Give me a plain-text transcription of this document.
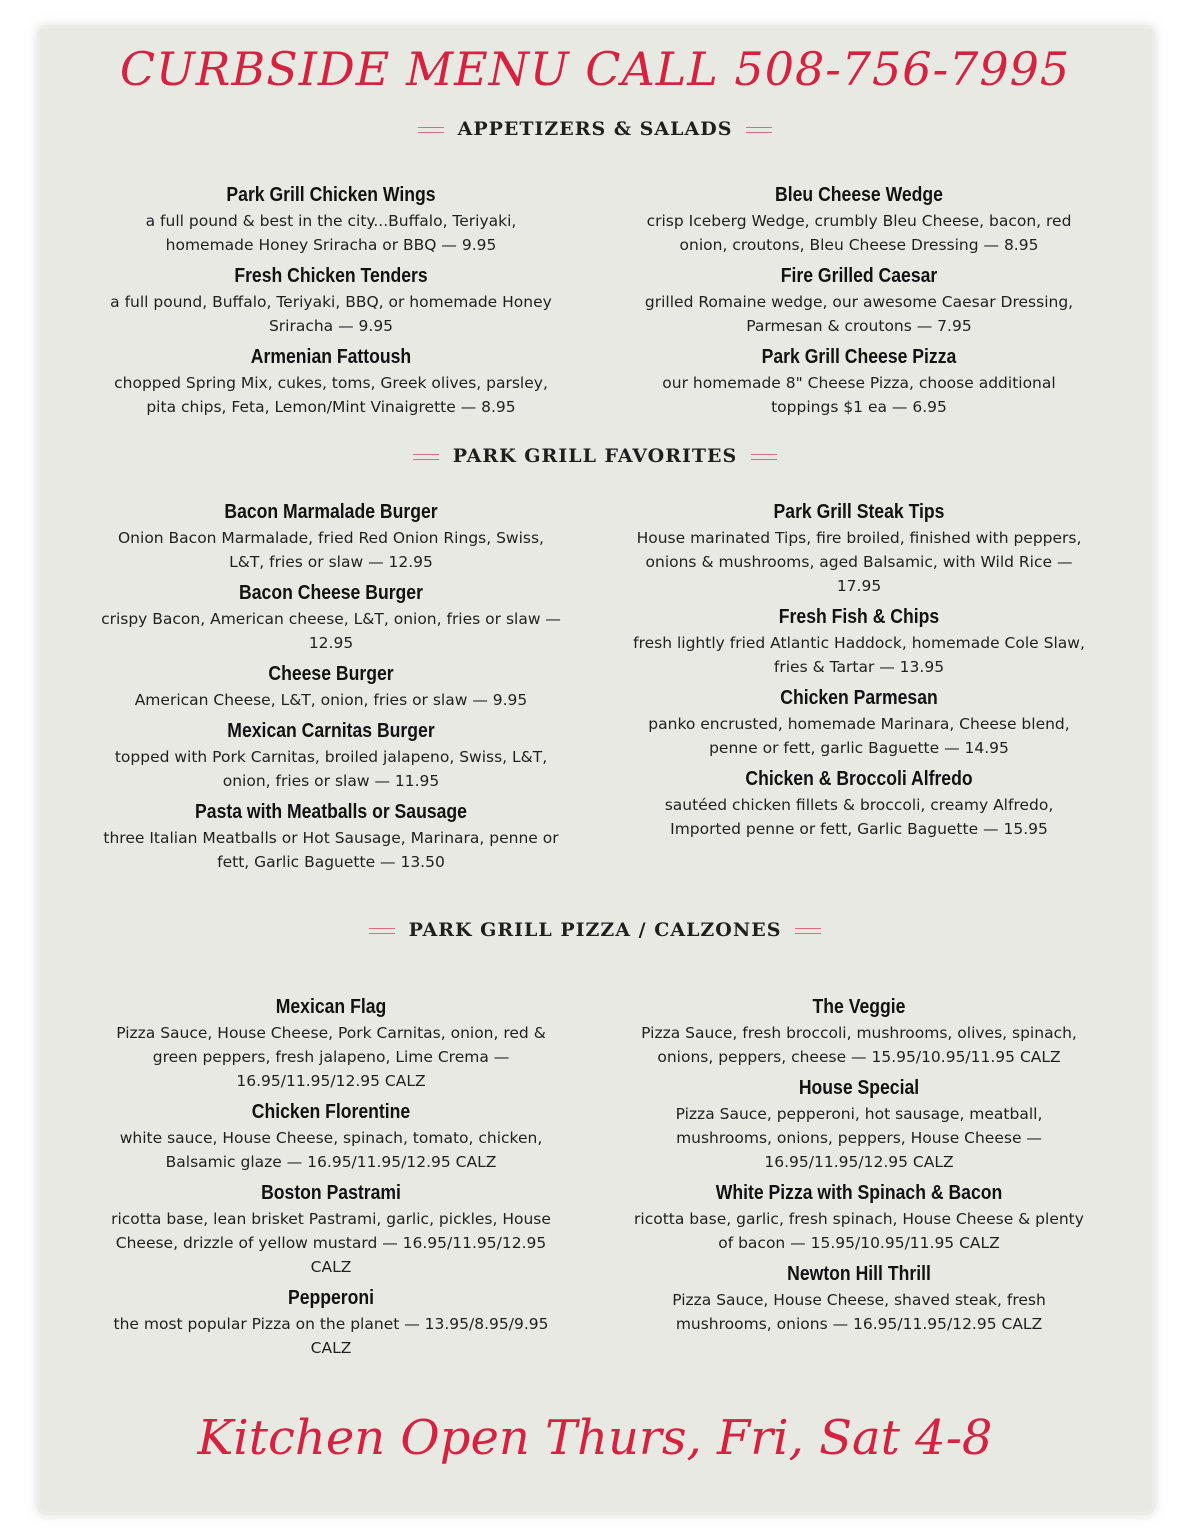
CURBSIDE MENU CALL 508-756-7995
APPETIZERS & SALADS
Park Grill Chicken Wings
a full pound & best in the city...Buffalo, Teriyaki, homemade Honey Sriracha or BBQ — 9.95
Fresh Chicken Tenders
a full pound, Buffalo, Teriyaki, BBQ, or homemade Honey Sriracha — 9.95
Armenian Fattoush
chopped Spring Mix, cukes, toms, Greek olives, parsley, pita chips, Feta, Lemon/Mint Vinaigrette — 8.95
Bleu Cheese Wedge
crisp Iceberg Wedge, crumbly Bleu Cheese, bacon, red onion, croutons, Bleu Cheese Dressing — 8.95
Fire Grilled Caesar
grilled Romaine wedge, our awesome Caesar Dressing, Parmesan & croutons — 7.95
Park Grill Cheese Pizza
our homemade 8" Cheese Pizza, choose additional toppings $1 ea — 6.95
PARK GRILL FAVORITES
Bacon Marmalade Burger
Onion Bacon Marmalade, fried Red Onion Rings, Swiss, L&T, fries or slaw — 12.95
Bacon Cheese Burger
crispy Bacon, American cheese, L&T, onion, fries or slaw — 12.95
Cheese Burger
American Cheese, L&T, onion, fries or slaw — 9.95
Mexican Carnitas Burger
topped with Pork Carnitas, broiled jalapeno, Swiss, L&T, onion, fries or slaw — 11.95
Pasta with Meatballs or Sausage
three Italian Meatballs or Hot Sausage, Marinara, penne or fett, Garlic Baguette — 13.50
Park Grill Steak Tips
House marinated Tips, fire broiled, finished with peppers, onions & mushrooms, aged Balsamic, with Wild Rice — 17.95
Fresh Fish & Chips
fresh lightly fried Atlantic Haddock, homemade Cole Slaw, fries & Tartar — 13.95
Chicken Parmesan
panko encrusted, homemade Marinara, Cheese blend, penne or fett, garlic Baguette — 14.95
Chicken & Broccoli Alfredo
sautéed chicken fillets & broccoli, creamy Alfredo, Imported penne or fett, Garlic Baguette — 15.95
PARK GRILL PIZZA / CALZONES
Mexican Flag
Pizza Sauce, House Cheese, Pork Carnitas, onion, red & green peppers, fresh jalapeno, Lime Crema — 16.95/11.95/12.95 CALZ
Chicken Florentine
white sauce, House Cheese, spinach, tomato, chicken, Balsamic glaze — 16.95/11.95/12.95 CALZ
Boston Pastrami
ricotta base, lean brisket Pastrami, garlic, pickles, House Cheese, drizzle of yellow mustard — 16.95/11.95/12.95 CALZ
Pepperoni
the most popular Pizza on the planet — 13.95/8.95/9.95 CALZ
The Veggie
Pizza Sauce, fresh broccoli, mushrooms, olives, spinach, onions, peppers, cheese — 15.95/10.95/11.95 CALZ
House Special
Pizza Sauce, pepperoni, hot sausage, meatball, mushrooms, onions, peppers, House Cheese — 16.95/11.95/12.95 CALZ
White Pizza with Spinach & Bacon
ricotta base, garlic, fresh spinach, House Cheese & plenty of bacon — 15.95/10.95/11.95 CALZ
Newton Hill Thrill
Pizza Sauce, House Cheese, shaved steak, fresh mushrooms, onions — 16.95/11.95/12.95 CALZ
Kitchen Open Thurs, Fri, Sat 4-8
